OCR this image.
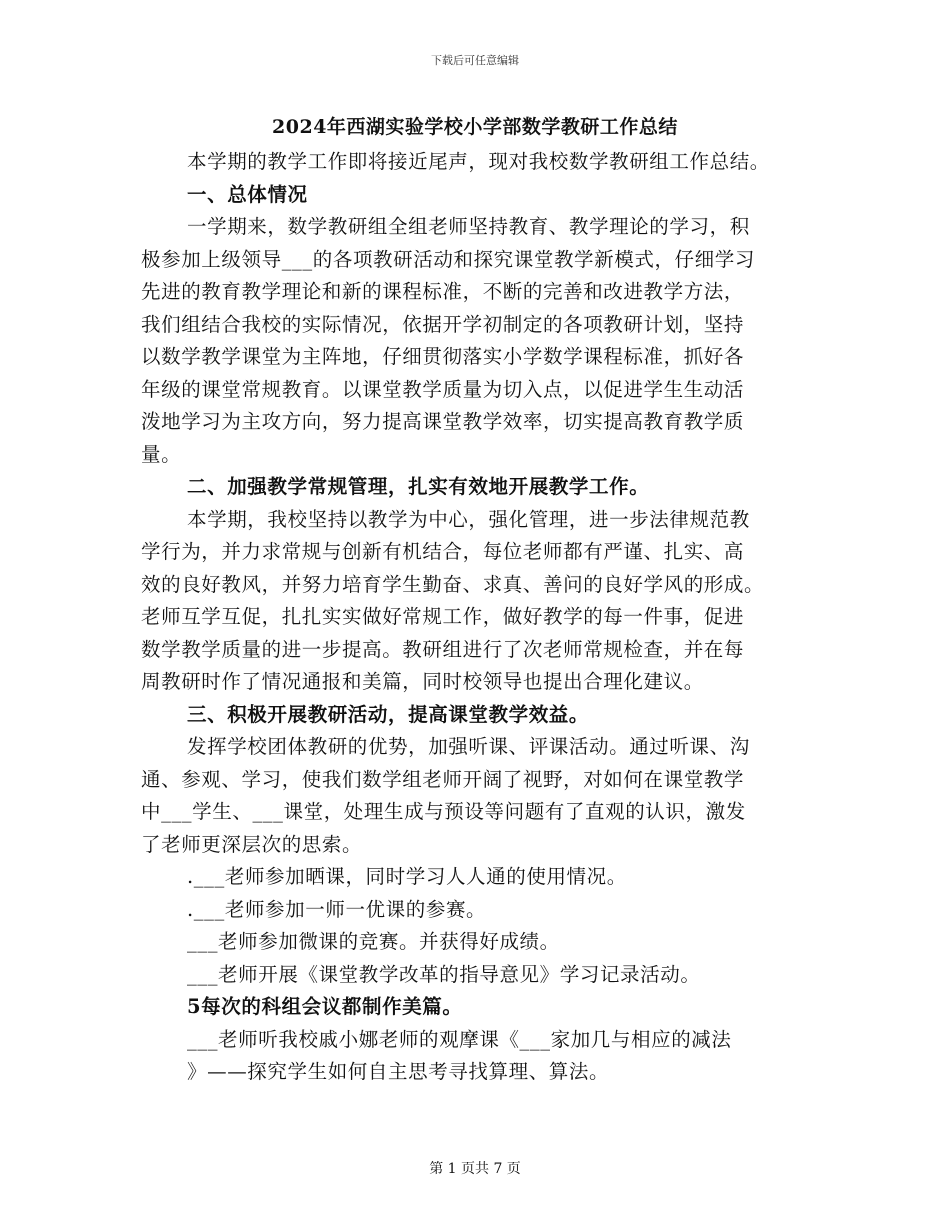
下载后可任意编辑
2024年西湖实验学校小学部数学教研工作总结
本学期的教学工作即将接近尾声，现对我校数学教研组工作总结。
一、总体情况
一学期来，数学教研组全组老师坚持教育、教学理论的学习，积
极参加上级领导___的各项教研活动和探究课堂教学新模式，仔细学习
先进的教育教学理论和新的课程标准，不断的完善和改进教学方法，
我们组结合我校的实际情况，依据开学初制定的各项教研计划，坚持
以数学教学课堂为主阵地，仔细贯彻落实小学数学课程标准，抓好各
年级的课堂常规教育。以课堂教学质量为切入点，以促进学生生动活
泼地学习为主攻方向，努力提高课堂教学效率，切实提高教育教学质
量。
二、加强教学常规管理，扎实有效地开展教学工作。
本学期，我校坚持以教学为中心，强化管理，进一步法律规范教
学行为，并力求常规与创新有机结合，每位老师都有严谨、扎实、高
效的良好教风，并努力培育学生勤奋、求真、善问的良好学风的形成。
老师互学互促，扎扎实实做好常规工作，做好教学的每一件事，促进
数学教学质量的进一步提高。教研组进行了次老师常规检查，并在每
周教研时作了情况通报和美篇，同时校领导也提出合理化建议。
三、积极开展教研活动，提高课堂教学效益。
发挥学校团体教研的优势，加强听课、评课活动。通过听课、沟
通、参观、学习，使我们数学组老师开阔了视野，对如何在课堂教学
中___学生、___课堂，处理生成与预设等问题有了直观的认识，激发
了老师更深层次的思索。
.___老师参加晒课，同时学习人人通的使用情况。
.___老师参加一师一优课的参赛。
___老师参加微课的竞赛。并获得好成绩。
___老师开展《课堂教学改革的指导意见》学习记录活动。
5每次的科组会议都制作美篇。
___老师听我校戚小娜老师的观摩课《___家加几与相应的减法
》——探究学生如何自主思考寻找算理、算法。
第 1 页共 7 页
